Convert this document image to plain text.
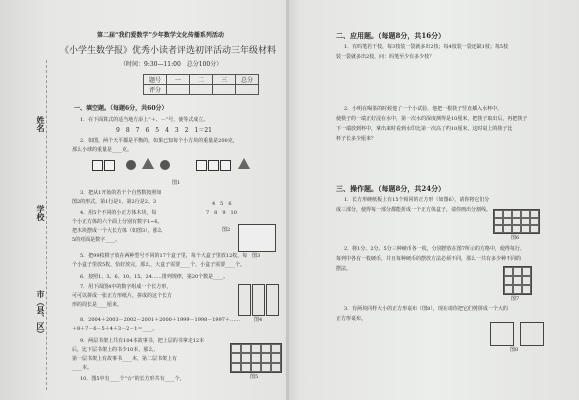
姓名
学校
市（县、区）
第二届“我们爱数学”少年数学文化传播系列活动
《小学生数学报》优秀小读者评选初评活动三年级材料
（时间：9:30—11:00　总分100分）
题号	一	二	三	总分
评分				
一、填空题。（每题6分，共60分）
1．在下面算式的适当地方添上“＋、－”号，使等式成立。
9　8　7　6　5　4　3　2　1＝21
2．如图，两个天平都是平衡的，如果已知每个小方块的重量是200克，
那么小球的重量是____克。
图1
3．把从1开始的若干个自然数按照如
图2的形式，第1行是1，第2行是2、3	4　5　6
7　8　9　10
4．用5个不同的小正方体木块，每
个小正方体的六个面上分别有数字1~6。
把木块摆成一个大长方体（如图3），那么
5的对面是数字____。
图2
图3
5．把99枚棋子放在两种型号不同的17个盒子里，每个大盒子里放12枚，每
个小盒子里放5枚，恰好放完，那么，大盒子需要____个，小盒子需要____个。
6．按照1、3、6、10、15、24……排列规律，第20个数是____。
7．用下面图4中的数字组成一个长方形，
可可以拼成一张正方形纸片，拼成的这个长方
形的周长是____厘米。
图4
8．2004＋2003－2002－2001＋2000＋1999－1998－1997＋……
＋8＋7－6－5＋4＋3－2－1＝____。
9．两层书架上共有104本故事书，把上层的书拿走12本
后，比下层书架上的书少10本，那么，
第一层书架上有故事书____本，第二层书架上有
____本。
10．图5中有____个“☆”的长方形共有____个。	图5
二、应用题。（每题8分，共16分）
1．有吗笔若干枝，每3枝装一袋就多出2枝；每4枝装一袋还缺1枝；每5枝
装一袋就多出2枝，问：吗笔至少有多少枝？
2．小明在喝茶的时候他了一个小试验，他把一根筷子竖直插入水杯中，
使筷子的一端正好浸在水中，第一次水的深度测得是10厘米，把筷子取出后，再把筷子
下一端放到杯中，拿出来时看到水印比第一次高了约10厘米，这时桌上的筷子比
杯子长多少厘米？
三、操作题。（每题8分，共24分）
1．长方形硬纸板上有15个相同的正方形（如图6），请你将它们分
成三部分，使得每一部分都能折成一个正方体盒子，请你画出分割线。
图6
2．将1分、2分、5分三种硬币各一枚，分别摆放在图7所示的方格中，使得每行、
每列中各有一枚硬币，并且每种硬币的摆放方法必须不同，那么一共有多少种不同的
摆法。
图7
3．有两块同样大小的正方形桌布（图8），现在请你把它们剪拼成一个大的
正方形桌布。
图8
